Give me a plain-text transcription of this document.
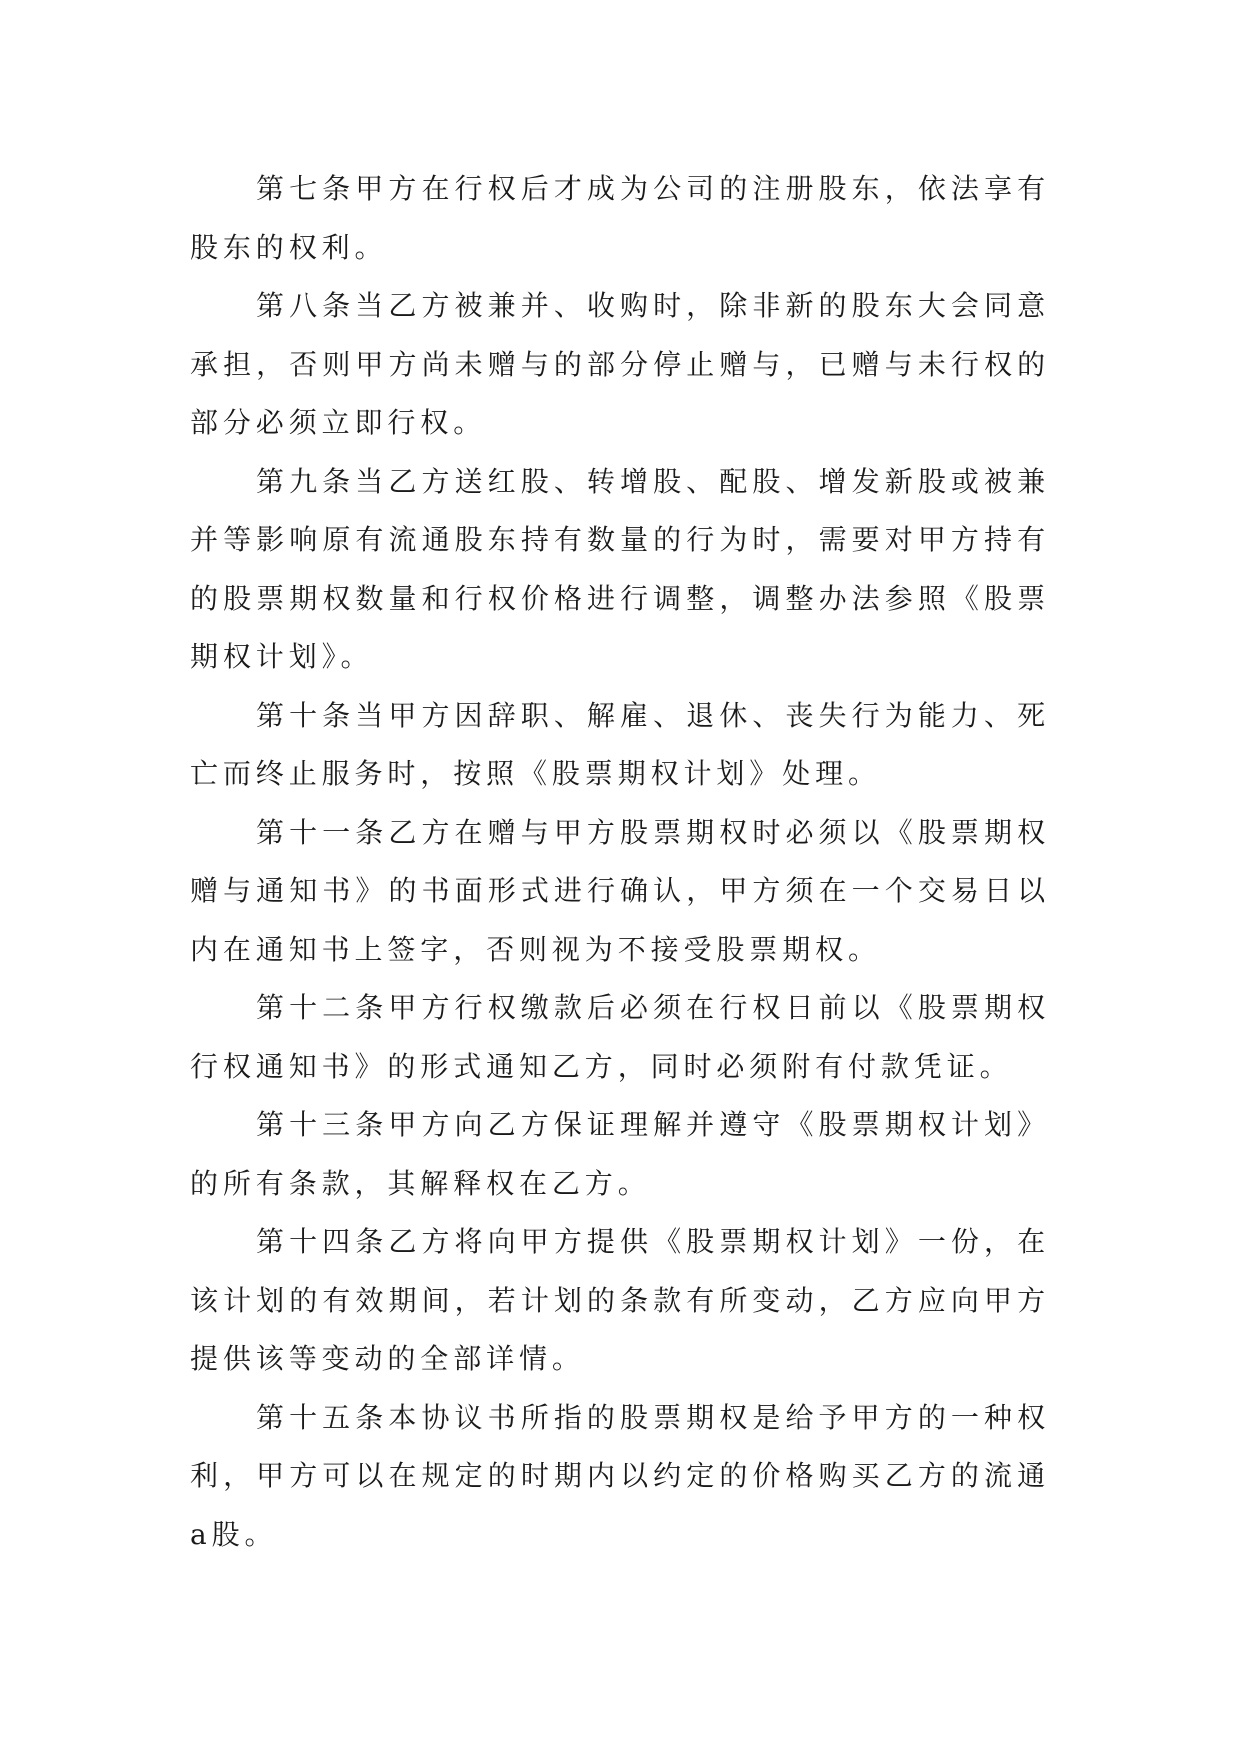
第七条甲方在行权后才成为公司的注册股东，依法享有股东的权利。

第八条当乙方被兼并、收购时，除非新的股东大会同意承担，否则甲方尚未赠与的部分停止赠与，已赠与未行权的部分必须立即行权。

第九条当乙方送红股、转增股、配股、增发新股或被兼并等影响原有流通股东持有数量的行为时，需要对甲方持有的股票期权数量和行权价格进行调整，调整办法参照《股票期权计划》。

第十条当甲方因辞职、解雇、退休、丧失行为能力、死亡而终止服务时，按照《股票期权计划》处理。

第十一条乙方在赠与甲方股票期权时必须以《股票期权赠与通知书》的书面形式进行确认，甲方须在一个交易日以内在通知书上签字，否则视为不接受股票期权。

第十二条甲方行权缴款后必须在行权日前以《股票期权行权通知书》的形式通知乙方，同时必须附有付款凭证。

第十三条甲方向乙方保证理解并遵守《股票期权计划》的所有条款，其解释权在乙方。

第十四条乙方将向甲方提供《股票期权计划》一份，在该计划的有效期间，若计划的条款有所变动，乙方应向甲方提供该等变动的全部详情。

第十五条本协议书所指的股票期权是给予甲方的一种权利，甲方可以在规定的时期内以约定的价格购买乙方的流通a股。
